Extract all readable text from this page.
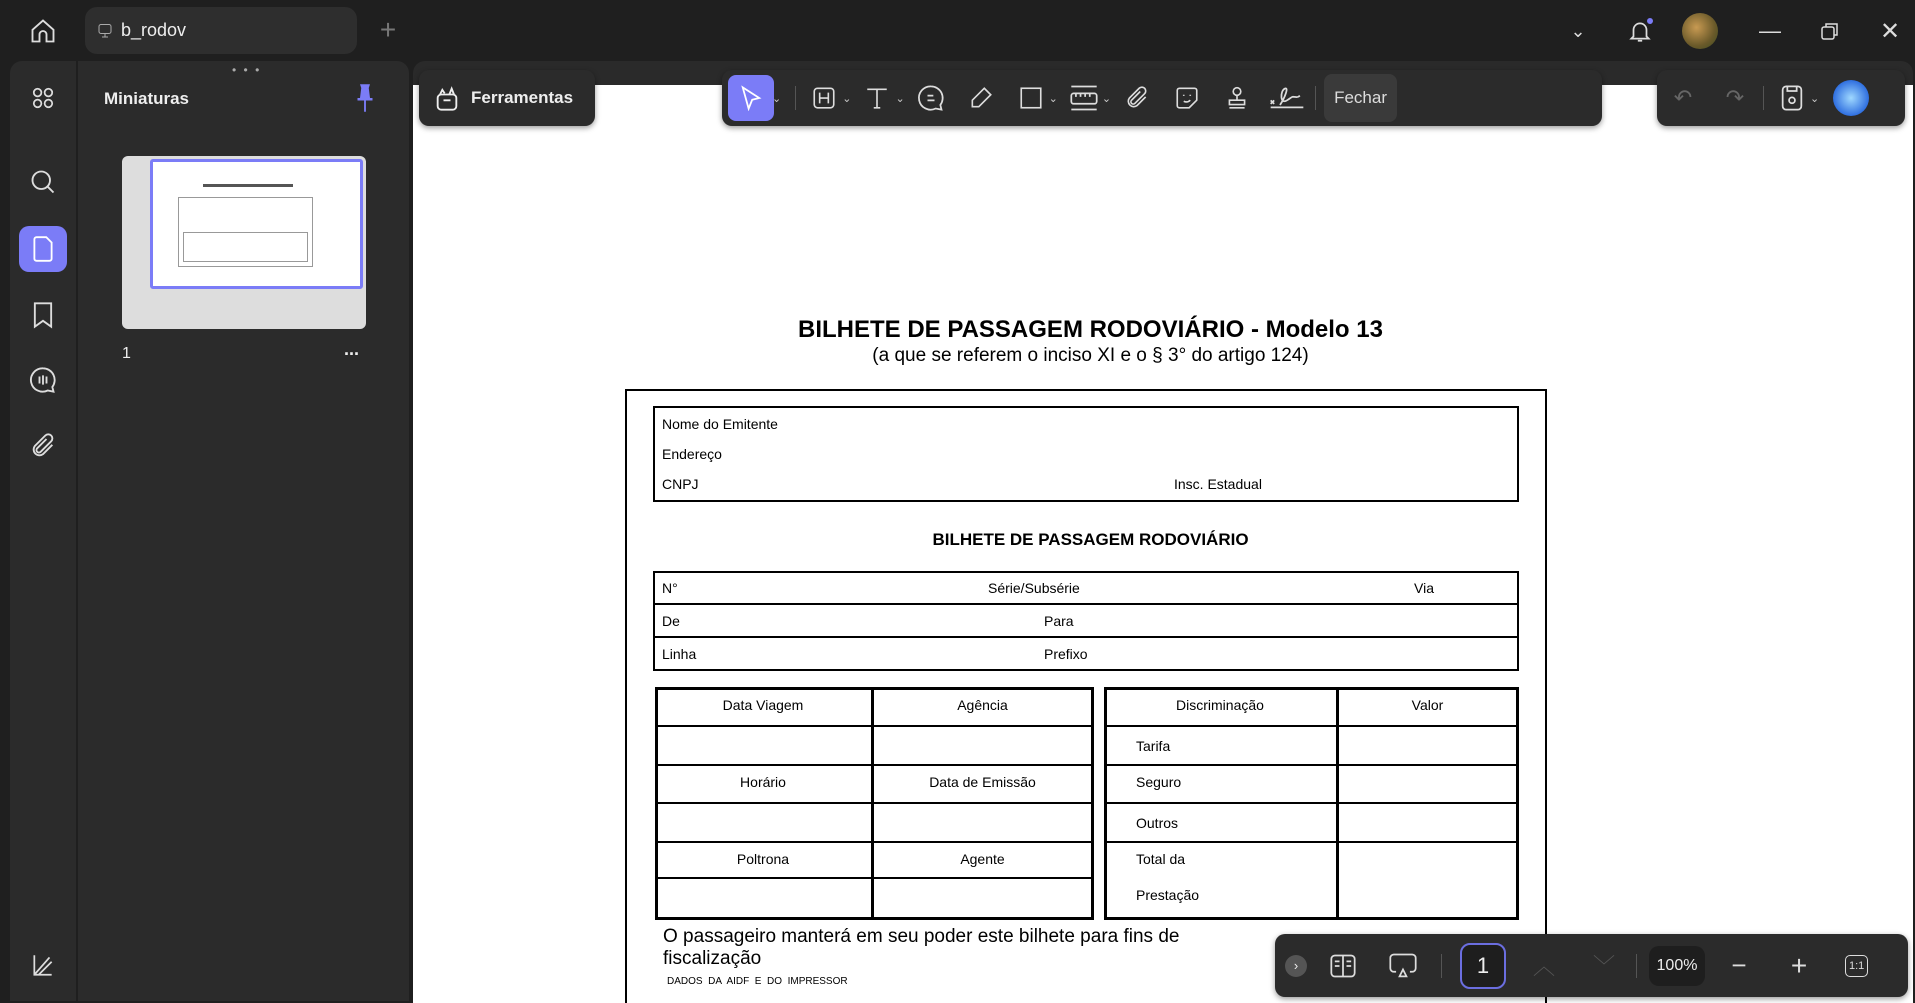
b_rodov	+	⌄	—	✕
• • •
Miniaturas
1	...
BILHETE DE PASSAGEM RODOVIÁRIO - Modelo 13
(a que se referem o inciso XI e o § 3° do artigo 124)
Nome do Emitente
Endereço
CNPJ	Insc. Estadual
BILHETE DE PASSAGEM RODOVIÁRIO
N°	Série/Subsérie	Via
De	Para
Linha	Prefixo
Data Viagem	Agência
Horário	Data de Emissão
Poltrona	Agente
Discriminação	Valor
Tarifa
Seguro
Outros
Total da
Prestação
O passageiro manterá em seu poder este bilhete para fins de fiscalização
DADOS  DA  AIDF  E  DO  IMPRESSOR
Ferramentas	⌄	⌄	⌄	⌄	⌄	Fechar	↶	↷	⌄
›	1	︿	﹀	100%	−	+	1:1
